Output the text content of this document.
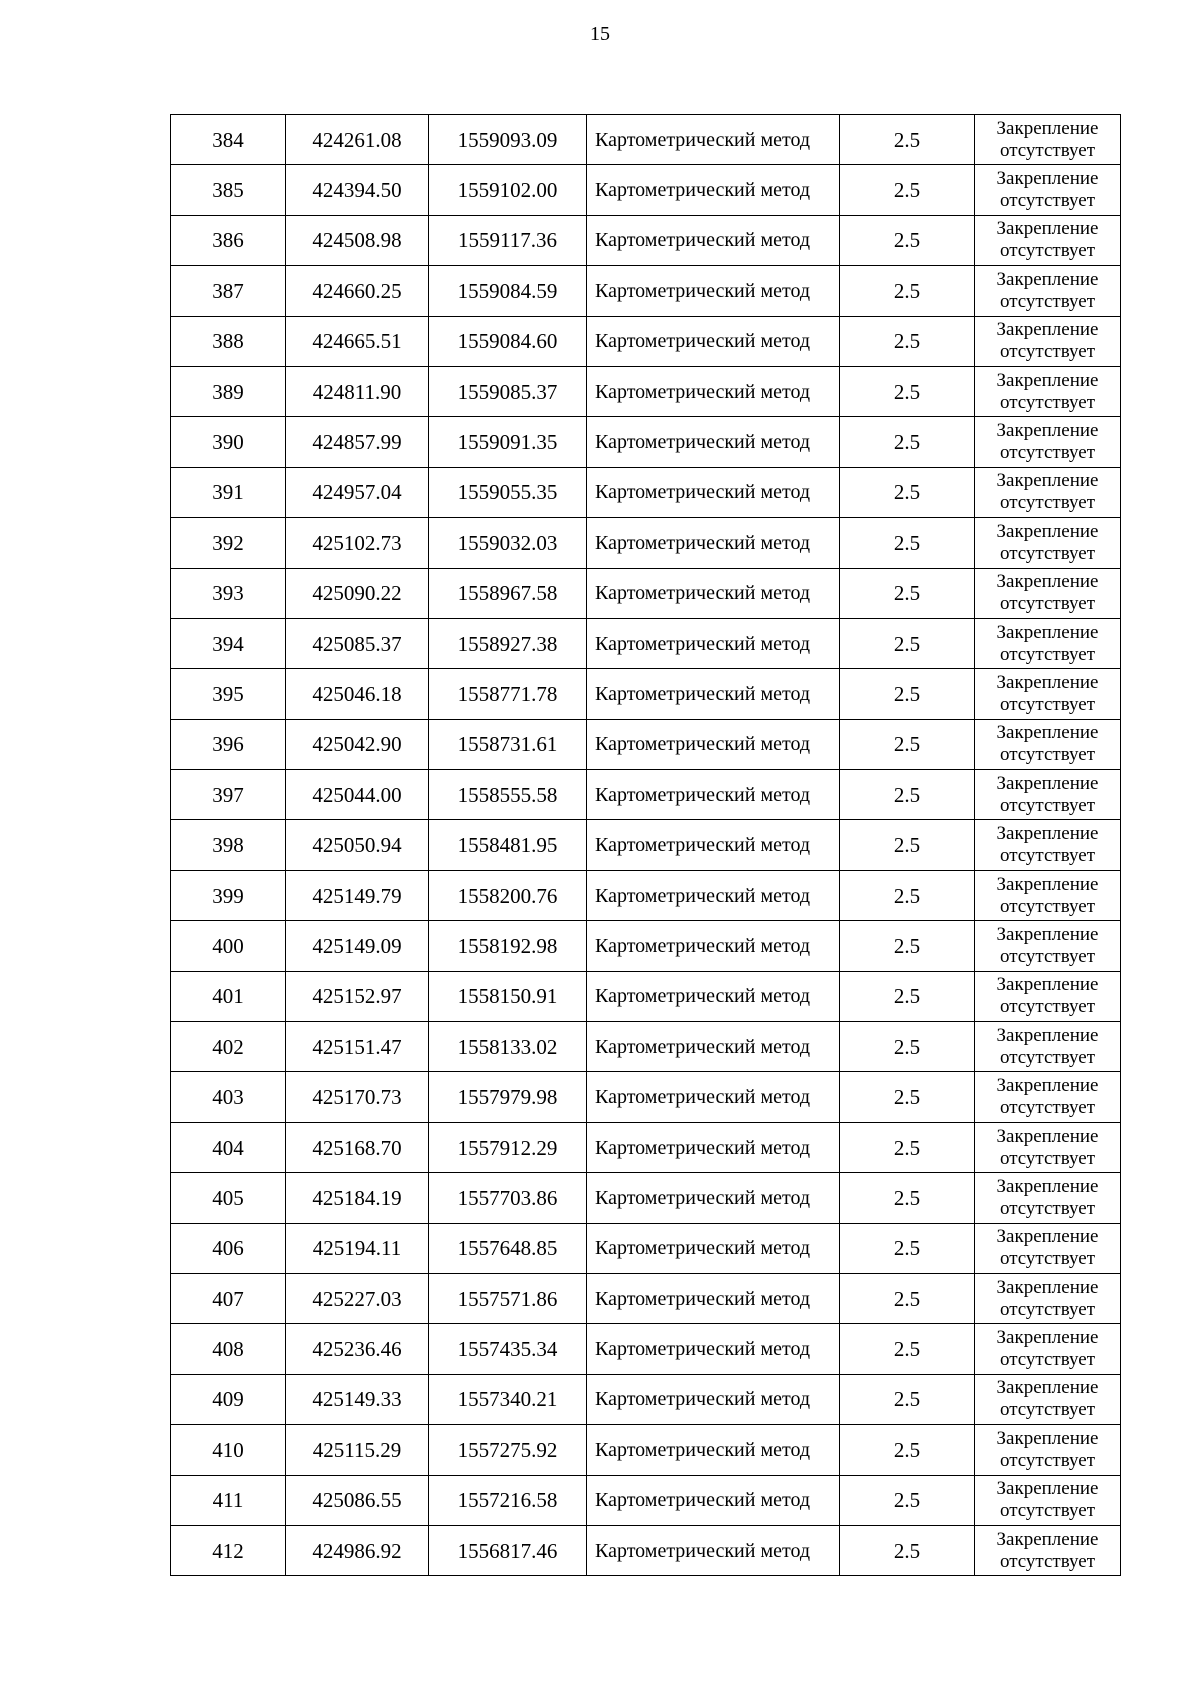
15
384	424261.08	1559093.09	Картометрический метод	2.5	Закрепление отсутствует
385	424394.50	1559102.00	Картометрический метод	2.5	Закрепление отсутствует
386	424508.98	1559117.36	Картометрический метод	2.5	Закрепление отсутствует
387	424660.25	1559084.59	Картометрический метод	2.5	Закрепление отсутствует
388	424665.51	1559084.60	Картометрический метод	2.5	Закрепление отсутствует
389	424811.90	1559085.37	Картометрический метод	2.5	Закрепление отсутствует
390	424857.99	1559091.35	Картометрический метод	2.5	Закрепление отсутствует
391	424957.04	1559055.35	Картометрический метод	2.5	Закрепление отсутствует
392	425102.73	1559032.03	Картометрический метод	2.5	Закрепление отсутствует
393	425090.22	1558967.58	Картометрический метод	2.5	Закрепление отсутствует
394	425085.37	1558927.38	Картометрический метод	2.5	Закрепление отсутствует
395	425046.18	1558771.78	Картометрический метод	2.5	Закрепление отсутствует
396	425042.90	1558731.61	Картометрический метод	2.5	Закрепление отсутствует
397	425044.00	1558555.58	Картометрический метод	2.5	Закрепление отсутствует
398	425050.94	1558481.95	Картометрический метод	2.5	Закрепление отсутствует
399	425149.79	1558200.76	Картометрический метод	2.5	Закрепление отсутствует
400	425149.09	1558192.98	Картометрический метод	2.5	Закрепление отсутствует
401	425152.97	1558150.91	Картометрический метод	2.5	Закрепление отсутствует
402	425151.47	1558133.02	Картометрический метод	2.5	Закрепление отсутствует
403	425170.73	1557979.98	Картометрический метод	2.5	Закрепление отсутствует
404	425168.70	1557912.29	Картометрический метод	2.5	Закрепление отсутствует
405	425184.19	1557703.86	Картометрический метод	2.5	Закрепление отсутствует
406	425194.11	1557648.85	Картометрический метод	2.5	Закрепление отсутствует
407	425227.03	1557571.86	Картометрический метод	2.5	Закрепление отсутствует
408	425236.46	1557435.34	Картометрический метод	2.5	Закрепление отсутствует
409	425149.33	1557340.21	Картометрический метод	2.5	Закрепление отсутствует
410	425115.29	1557275.92	Картометрический метод	2.5	Закрепление отсутствует
411	425086.55	1557216.58	Картометрический метод	2.5	Закрепление отсутствует
412	424986.92	1556817.46	Картометрический метод	2.5	Закрепление отсутствует
